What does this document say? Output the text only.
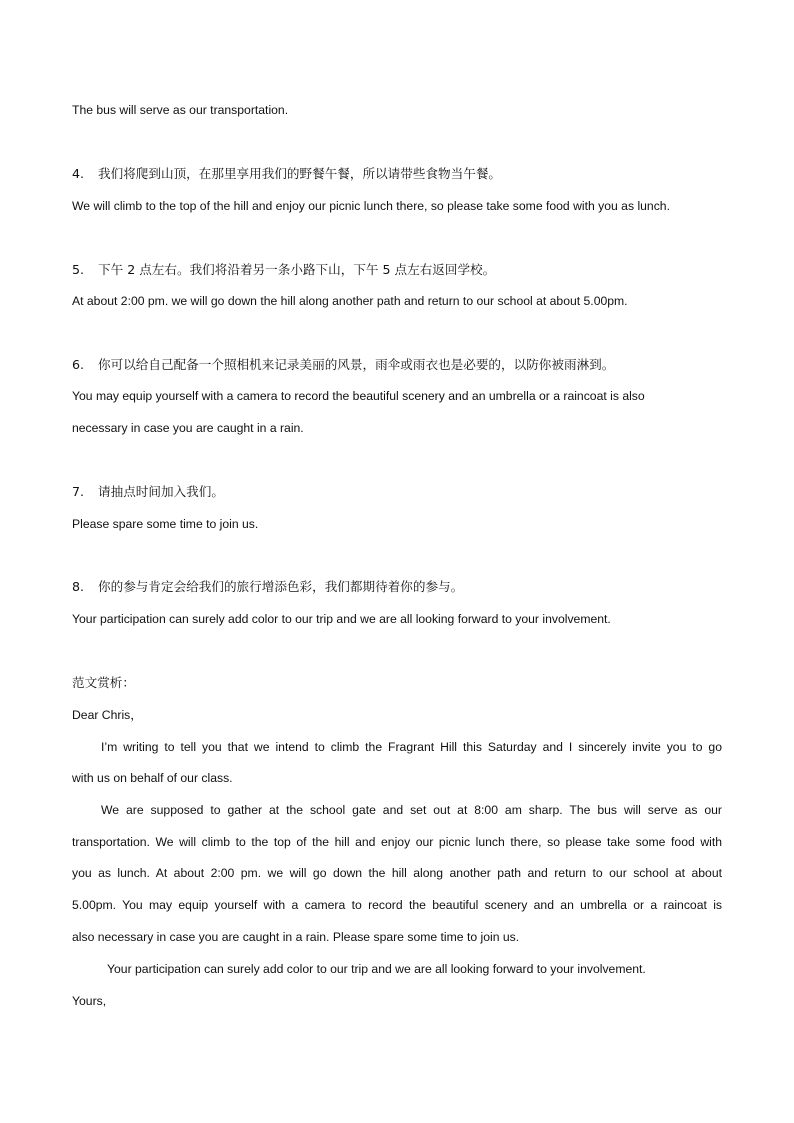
The bus will serve as our transportation.
4. 我们将爬到山顶，在那里享用我们的野餐午餐，所以请带些食物当午餐。
We will climb to the top of the hill and enjoy our picnic lunch there, so please take some food with you as lunch.
5. 下午 2 点左右。我们将沿着另一条小路下山，下午 5 点左右返回学校。
At about 2:00 pm. we will go down the hill along another path and return to our school at about 5.00pm.
6. 你可以给自己配备一个照相机来记录美丽的风景，雨伞或雨衣也是必要的，以防你被雨淋到。
You may equip yourself with a camera to record the beautiful scenery and an umbrella or a raincoat is also
necessary in case you are caught in a rain.
7. 请抽点时间加入我们。
Please spare some time to join us.
8. 你的参与肯定会给我们的旅行增添色彩，我们都期待着你的参与。
Your participation can surely add color to our trip and we are all looking forward to your involvement.
范文赏析：
Dear Chris，
I’m writing to tell you that we intend to climb the Fragrant Hill this Saturday and I sincerely invite you to go
with us on behalf of our class.
We are supposed to gather at the school gate and set out at 8:00 am sharp. The bus will serve as our
transportation. We will climb to the top of the hill and enjoy our picnic lunch there, so please take some food with
you as lunch. At about 2:00 pm. we will go down the hill along another path and return to our school at about
5.00pm. You may equip yourself with a camera to record the beautiful scenery and an umbrella or a raincoat is
also necessary in case you are caught in a rain. Please spare some time to join us.
Your participation can surely add color to our trip and we are all looking forward to your involvement.
Yours,
